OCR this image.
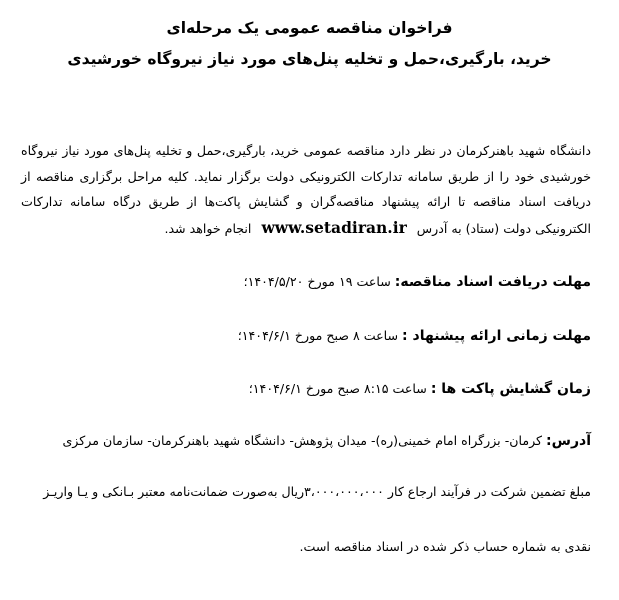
فراخوان مناقصه عمومی یک مرحله‌ای
خرید، بارگیری،حمل و تخلیه پنل‌های مورد نیاز نیروگاه خورشیدی
دانشگاه شهید باهنرکرمان در نظر دارد مناقصه عمومی خرید، بارگیری،حمل و تخلیه پنل‌های مورد نیاز نیروگاه خورشیدی خود را از طریق سامانه تدارکات الکترونیکی دولت برگزار نماید. کلیه مراحل برگزاری مناقصه از دریافت اسناد مناقصه تا ارائه پیشنهاد مناقصه‌گران و گشایش پاکت‌ها از طریق درگاه سامانه تدارکات الکترونیکی دولت (ستاد) به آدرس www.setadiran.ir انجام خواهد شد.
مهلت دریافت اسناد مناقصه: ساعت ۱۹ مورخ ۱۴۰۴/۵/۲۰؛
مهلت زمانی ارائه پیشنهاد : ساعت ۸ صبح مورخ ۱۴۰۴/۶/۱؛
زمان گشایش پاکت ها : ساعت ۸:۱۵ صبح مورخ ۱۴۰۴/۶/۱؛
آدرس: کرمان- بزرگراه امام خمینی(ره)- میدان پژوهش- دانشگاه شهید باهنرکرمان- سازمان مرکزی
مبلغ تضمین شرکت در فرآیند ارجاع کار ۳،۰۰۰،۰۰۰،۰۰۰ریال به‌صورت ضمانت‌نامه معتبر بـانکی و یـا واریـز
نقدی به شماره حساب ذکر شده در اسناد مناقصه است.
